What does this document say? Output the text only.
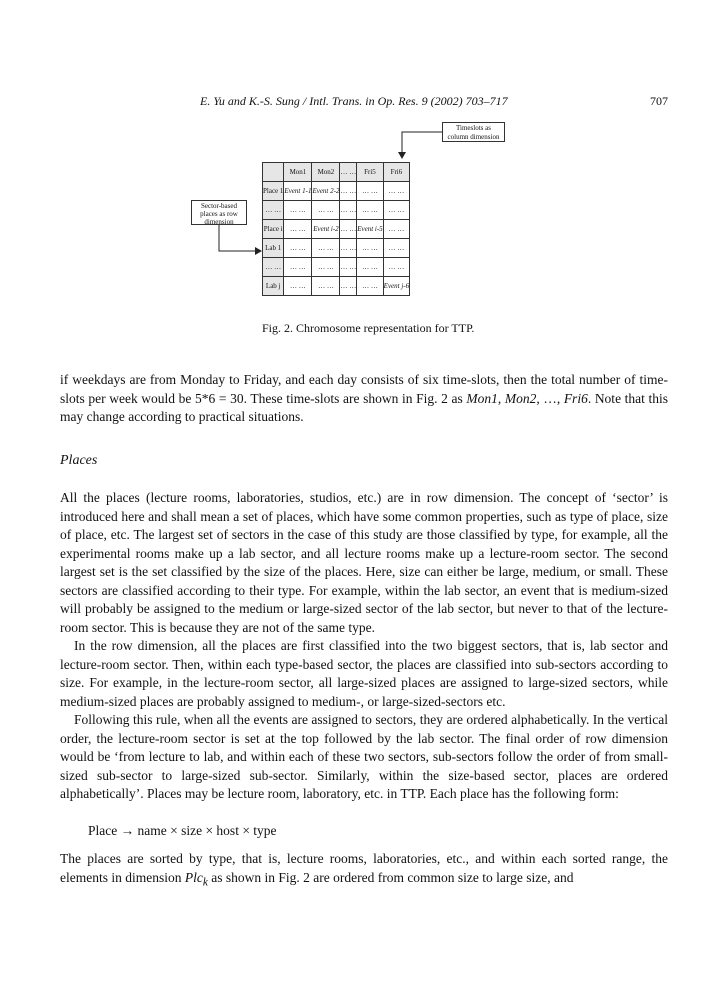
E. Yu and K.-S. Sung / Intl. Trans. in Op. Res. 9 (2002) 703–717	707
Timeslots as
column dimension
Sector-based
places as row
dimension
	Mon1	Mon2	… …	Fri5	Fri6
Place 1	Event 1-1	Event 2-2	… …	… …	… …
… …	… …	… …	… …	… …	… …
Place i	… …	Event i-2	… …	Event i-5	… …
Lab 1	… …	… …	… …	… …	… …
… …	… …	… …	… …	… …	… …
Lab j	… …	… …	… …	… …	Event j-6
Fig. 2. Chromosome representation for TTP.

if weekdays are from Monday to Friday, and each day consists of six time-slots, then the total number of time-slots per week would be 5*6 = 30. These time-slots are shown in Fig. 2 as Mon1, Mon2, …, Fri6. Note that this may change according to practical situations.

Places

All the places (lecture rooms, laboratories, studios, etc.) are in row dimension. The concept of ‘sector’ is introduced here and shall mean a set of places, which have some common properties, such as type of place, size of place, etc. The largest set of sectors in the case of this study are those classified by type, for example, all the experimental rooms make up a lab sector, and all lecture rooms make up a lecture-room sector. The second largest set is the set classified by the size of the places. Here, size can either be large, medium, or small. These sectors are classified according to their type. For example, within the lab sector, an event that is medium-sized will probably be assigned to the medium or large-sized sector of the lab sector, but never to that of the lecture-room sector. This is because they are not of the same type.

In the row dimension, all the places are first classified into the two biggest sectors, that is, lab sector and lecture-room sector. Then, within each type-based sector, the places are classified into sub-sectors according to size. For example, in the lecture-room sector, all large-sized places are assigned to large-sized sectors, while medium-sized places are probably assigned to medium-, or large-sized-sectors etc.

Following this rule, when all the events are assigned to sectors, they are ordered alphabetically. In the vertical order, the lecture-room sector is set at the top followed by the lab sector. The final order of row dimension would be ‘from lecture to lab, and within each of these two sectors, sub-sectors follow the order of from small-sized sub-sector to large-sized sub-sector. Similarly, within the size-based sector, places are ordered alphabetically’. Places may be lecture room, laboratory, etc. in TTP. Each place has the following form:

Place → name × size × host × type

The places are sorted by type, that is, lecture rooms, laboratories, etc., and within each sorted range, the elements in dimension Plc$_k$ as shown in Fig. 2 are ordered from common size to large size, and
